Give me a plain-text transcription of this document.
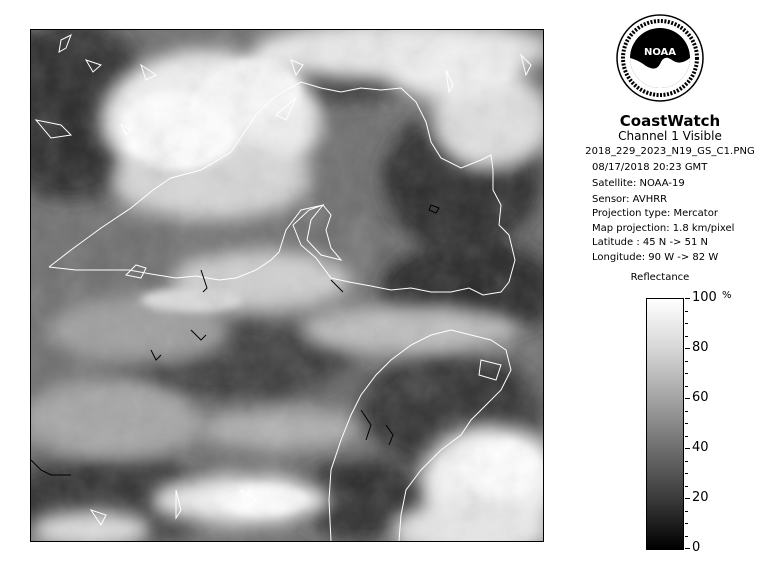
NOAA
CoastWatch
Channel 1 Visible
2018_229_2023_N19_GS_C1.PNG
08/17/2018 20:23 GMT
Satellite: NOAA-19
Sensor: AVHRR
Projection type: Mercator
Map projection: 1.8 km/pixel
Latitude : 45 N -> 51 N
Longitude: 90 W -> 82 W
Reflectance
%
100
80
60
40
20
0
